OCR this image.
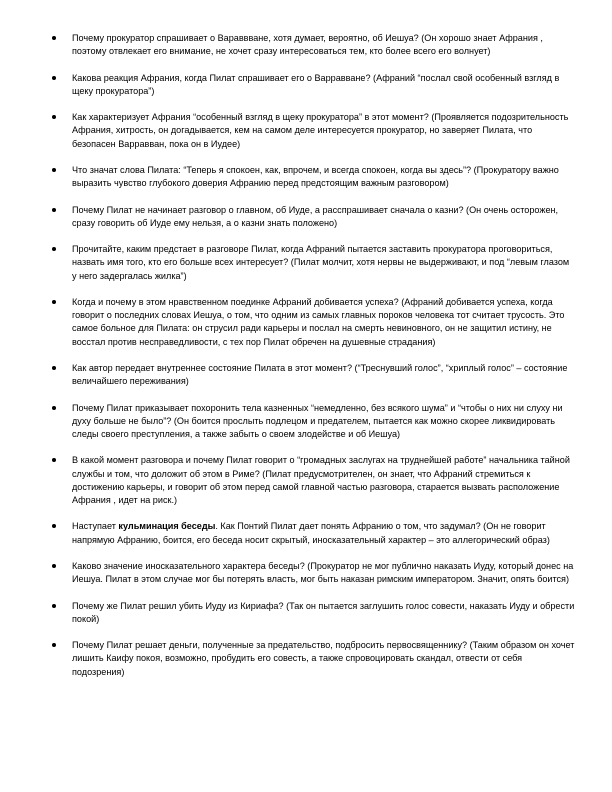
Почему прокуратор спрашивает о Вараввване, хотя думает, вероятно, об Иешуа? (Он хорошо знает Афрания , поэтому отвлекает его внимание, не хочет сразу интересоваться тем, кто более всего его волнует)
Какова реакция Афрания, когда Пилат спрашивает его о Варравване? (Афраний “послал свой особенный взгляд в щеку прокуратора”)
Как характеризует Афрания “особенный взгляд в щеку прокуратора” в этот момент? (Проявляется подозрительность Афрания, хитрость, он догадывается, кем на самом деле интересуется прокуратор, но заверяет Пилата, что безопасен Варравван, пока он в Иудее)
Что значат слова Пилата: “Теперь я спокоен, как, впрочем, и всегда спокоен, когда вы здесь”? (Прокуратору важно выразить чувство глубокого доверия Афранию перед предстоящим важным разговором)
Почему Пилат не начинает разговор о главном, об Иуде, а расспрашивает сначала о казни? (Он очень осторожен, сразу говорить об Иуде ему нельзя, а о казни знать положено)
Прочитайте, каким предстает в разговоре Пилат, когда Афраний пытается заставить прокуратора проговориться, назвать имя того, кто его больше всех интересует? (Пилат молчит, хотя нервы не выдерживают, и под “левым глазом у него задергалась жилка”)
Когда и почему в этом нравственном поединке Афраний добивается успеха? (Афраний добивается успеха, когда говорит о последних словах Иешуа, о том, что одним из самых главных пороков человека тот считает трусость. Это самое больное для Пилата: он струсил ради карьеры и послал на смерть невиновного, он не защитил истину, не восстал против несправедливости, с тех пор Пилат обречен на душевные страдания)
Как автор передает внутреннее состояние Пилата в этот момент? (“Треснувший голос”, “хриплый голос” – состояние величайшего переживания)
Почему Пилат приказывает похоронить тела казненных “немедленно, без всякого шума” и “чтобы о них ни слуху ни духу больше не было”? (Он боится прослыть подлецом и предателем, пытается как можно скорее ликвидировать следы своего преступления, а также забыть о своем злодействе и об Иешуа)
В какой момент разговора и почему Пилат говорит о “громадных заслугах на труднейшей работе” начальника тайной службы и том, что доложит об этом в Риме? (Пилат предусмотрителен, он знает, что Афраний стремиться к достижению карьеры, и говорит об этом перед самой главной частью разговора, старается вызвать расположение Афрания , идет на риск.)
Наступает кульминация беседы. Как Понтий Пилат дает понять Афранию о том, что задумал? (Он не говорит напрямую Афранию, боится, его беседа носит скрытый, иносказательный характер – это аллегорический образ)
Каково значение иносказательного характера беседы? (Прокуратор не мог публично наказать Иуду, который донес на Иешуа. Пилат в этом случае мог бы потерять власть, мог быть наказан римским императором. Значит, опять боится)
Почему же Пилат решил убить Иуду из Кириафа? (Так он пытается заглушить голос совести, наказать Иуду и обрести покой)
Почему Пилат решает деньги, полученные за предательство, подбросить первосвященнику? (Таким образом он хочет лишить Каифу покоя, возможно, пробудить его совесть, а также спровоцировать скандал, отвести от себя подозрения)
